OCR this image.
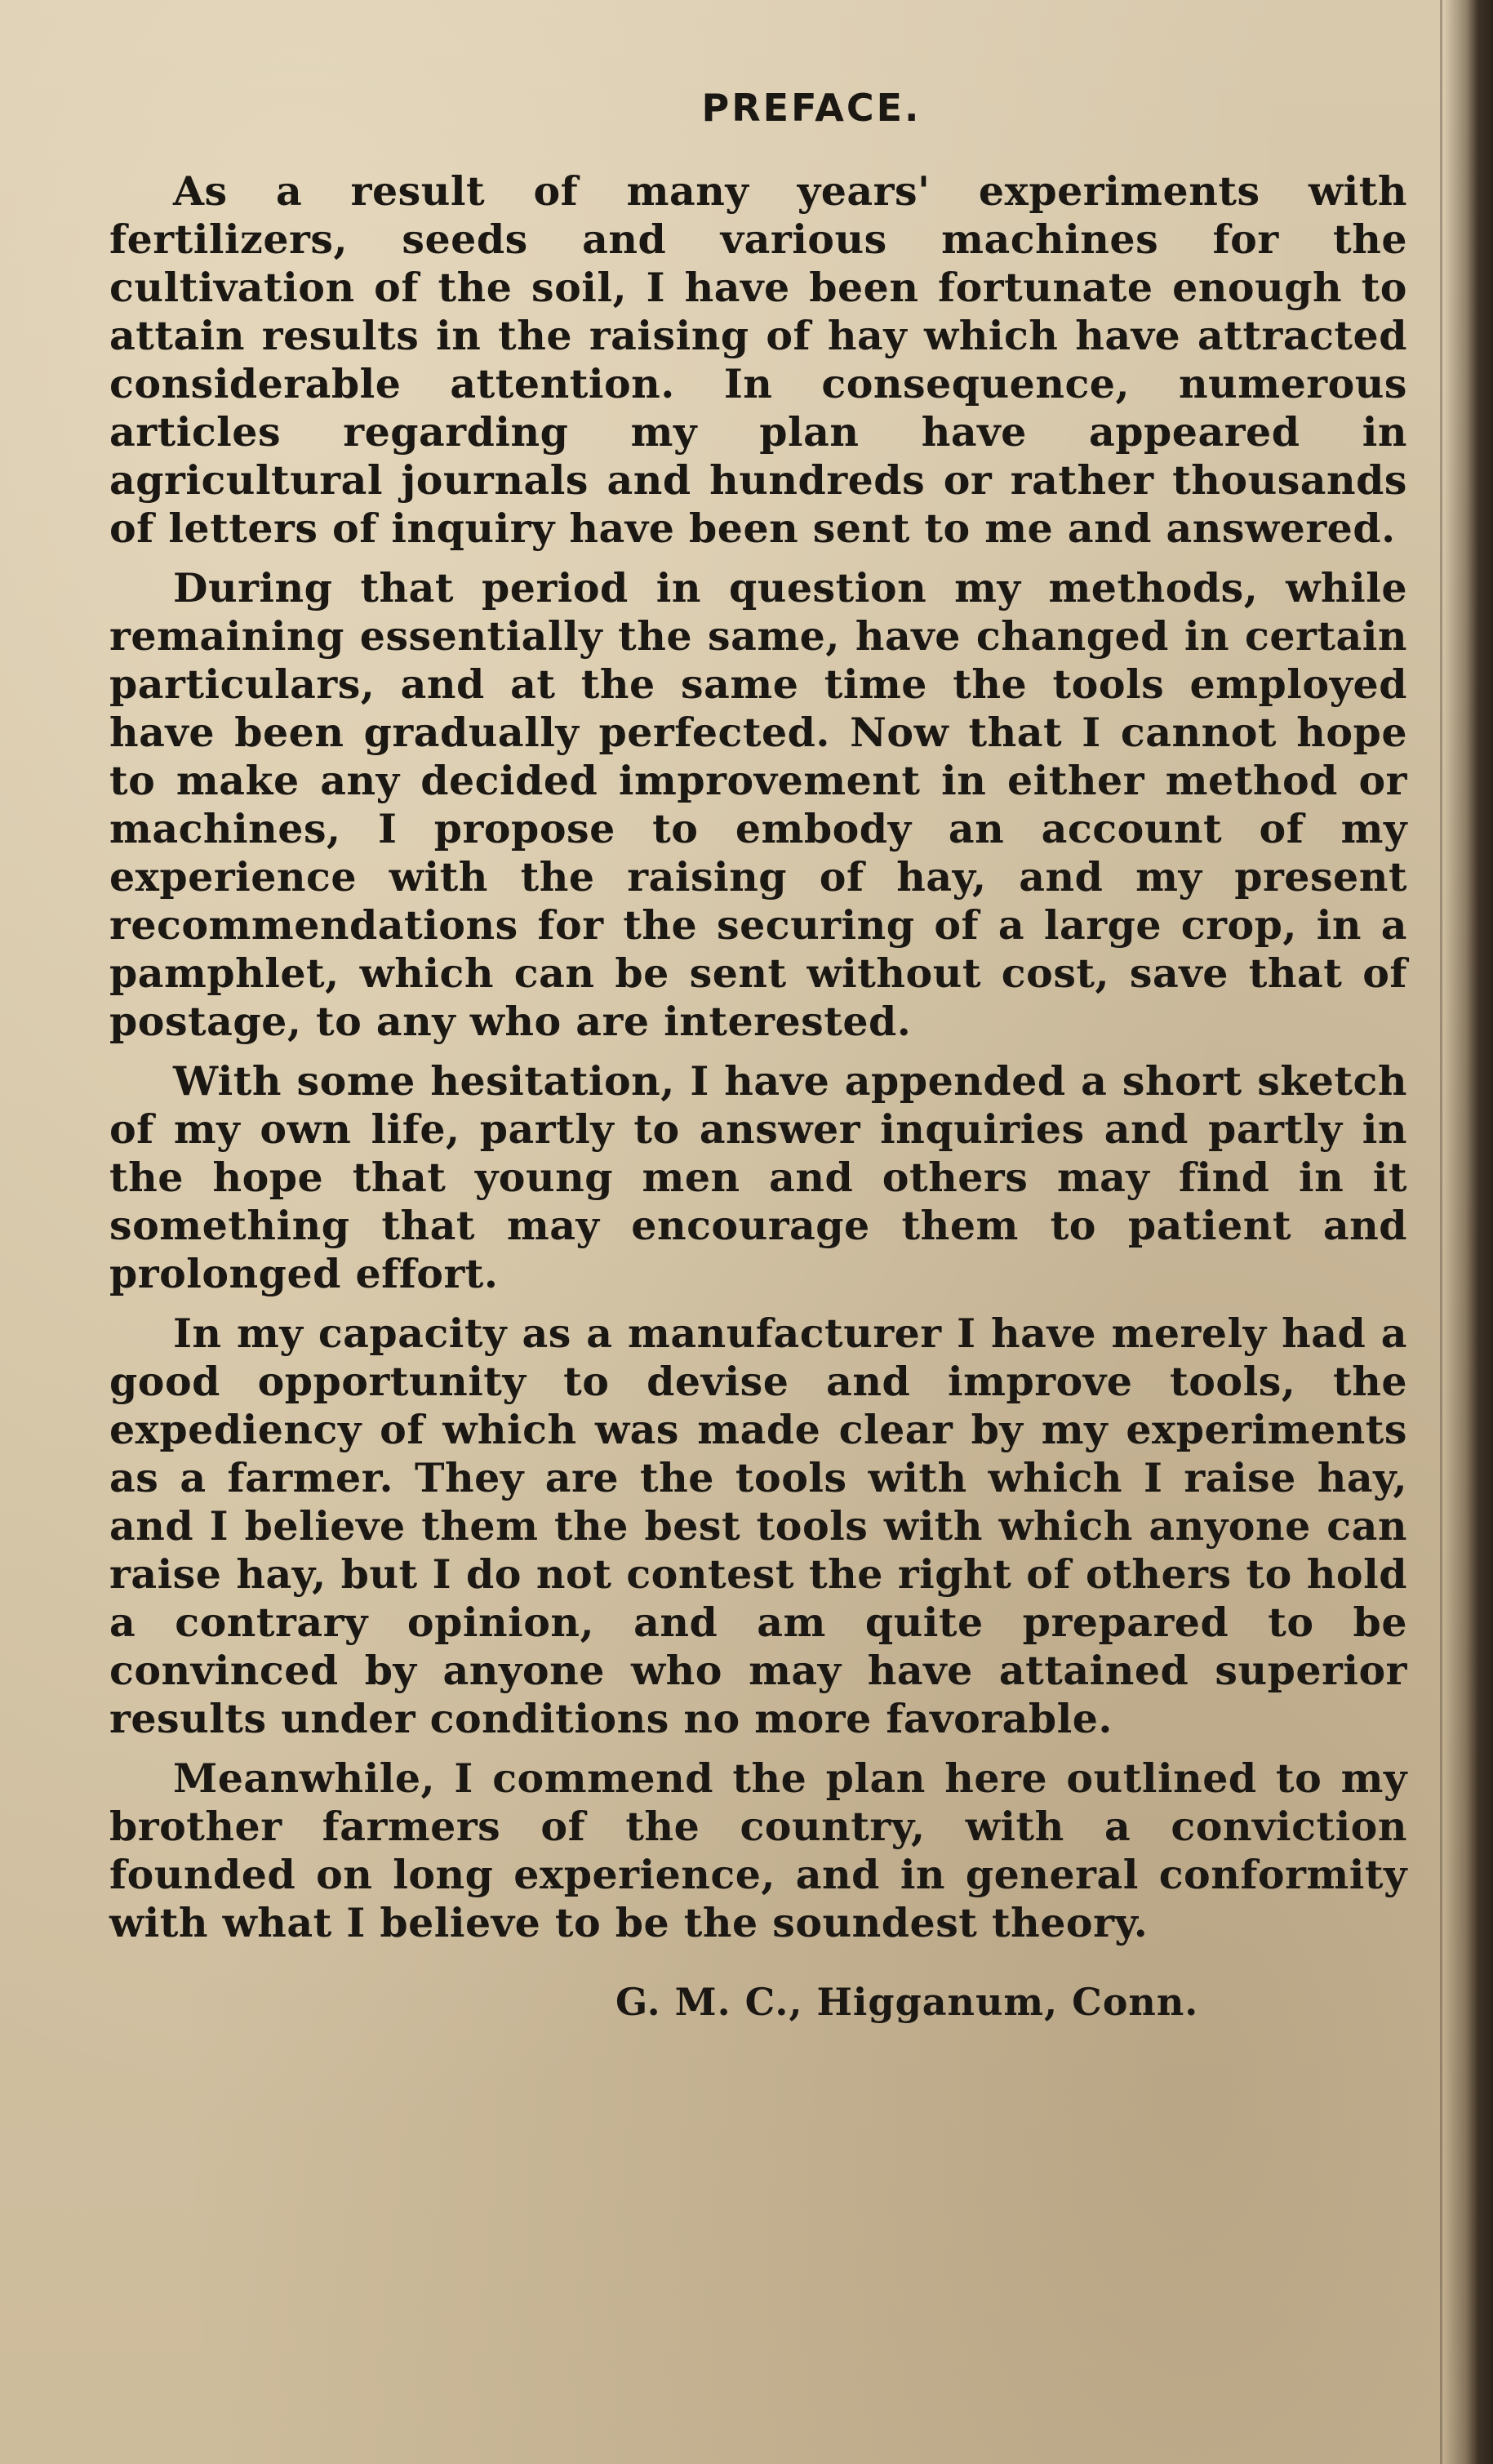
PREFACE.

As a result of many years' experiments with fertilizers, seeds and various machines for the cultivation of the soil, I have been fortunate enough to attain results in the raising of hay which have attracted considerable attention. In consequence, numerous articles regarding my plan have appeared in agricultural journals and hundreds or rather thousands of letters of inquiry have been sent to me and answered.

During that period in question my methods, while remaining essentially the same, have changed in certain particulars, and at the same time the tools employed have been gradually perfected. Now that I cannot hope to make any decided improvement in either method or machines, I propose to embody an account of my experience with the raising of hay, and my present recommendations for the securing of a large crop, in a pamphlet, which can be sent without cost, save that of postage, to any who are interested.

With some hesitation, I have appended a short sketch of my own life, partly to answer inquiries and partly in the hope that young men and others may find in it something that may encourage them to patient and prolonged effort.

In my capacity as a manufacturer I have merely had a good opportunity to devise and improve tools, the expediency of which was made clear by my experiments as a farmer. They are the tools with which I raise hay, and I believe them the best tools with which anyone can raise hay, but I do not contest the right of others to hold a contrary opinion, and am quite prepared to be convinced by anyone who may have attained superior results under conditions no more favorable.

Meanwhile, I commend the plan here outlined to my brother farmers of the country, with a conviction founded on long experience, and in general conformity with what I believe to be the soundest theory.

G. M. C., Higganum, Conn.
